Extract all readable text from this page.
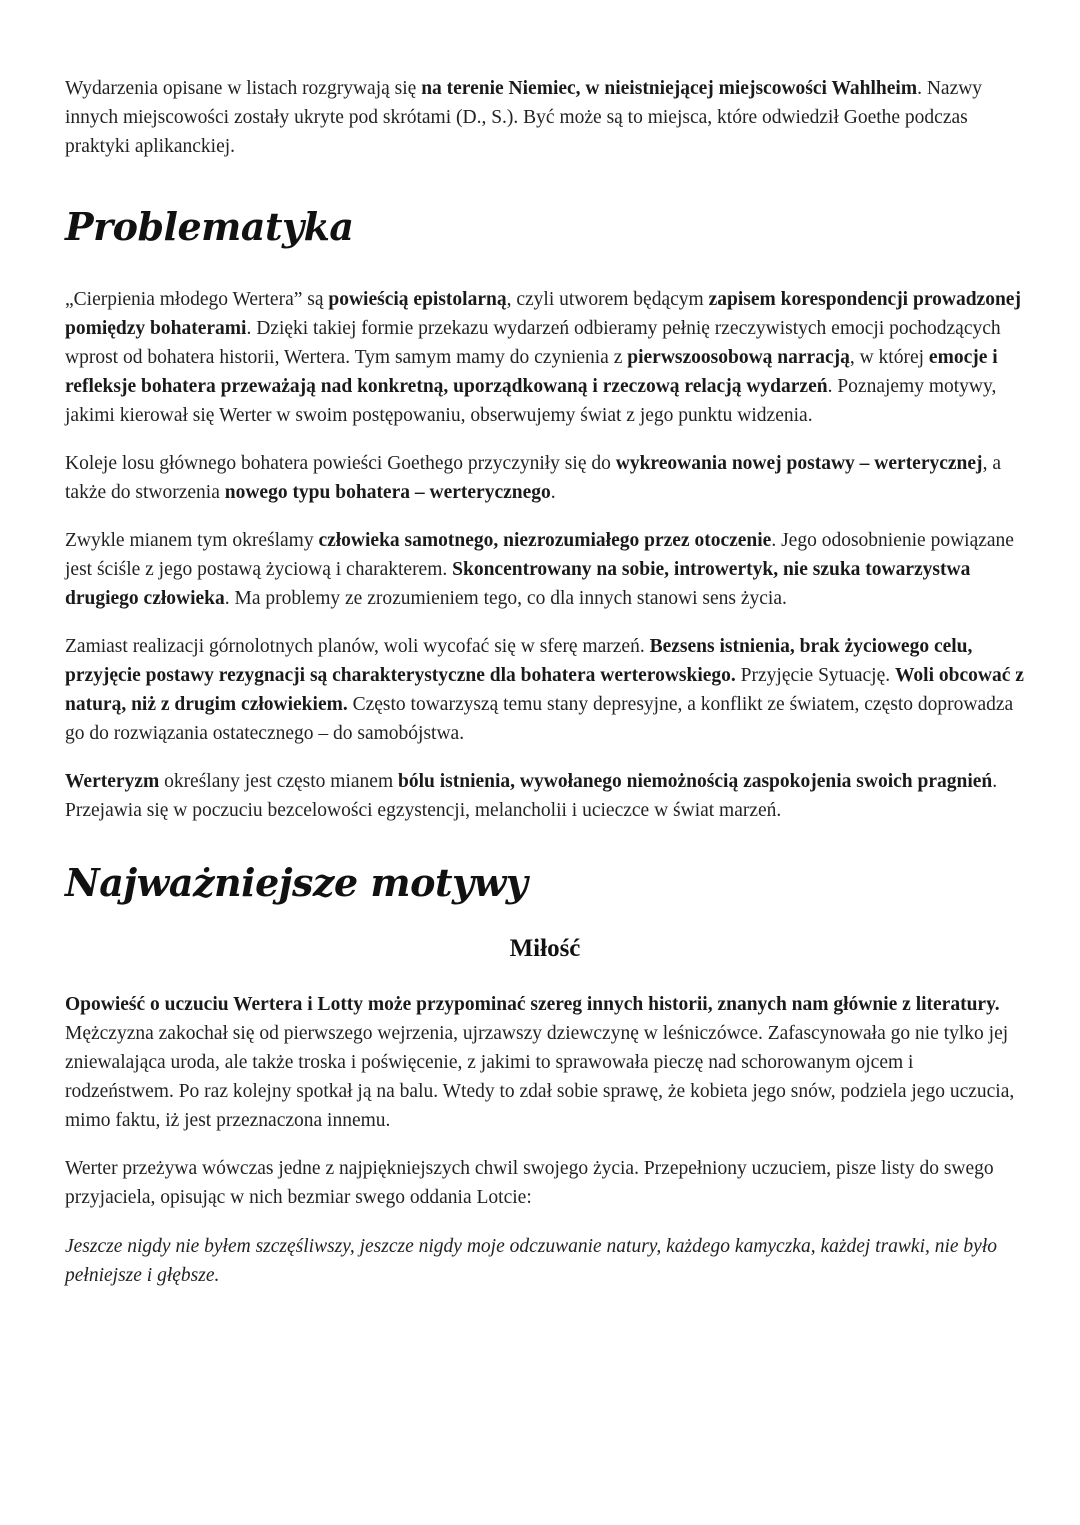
Wydarzenia opisane w listach rozgrywają się na terenie Niemiec, w nieistniejącej miejscowości Wahlheim. Nazwy innych miejscowości zostały ukryte pod skrótami (D., S.). Być może są to miejsca, które odwiedził Goethe podczas praktyki aplikanckiej.

Problematyka

„Cierpienia młodego Wertera” są powieścią epistolarną, czyli utworem będącym zapisem korespondencji prowadzonej pomiędzy bohaterami. Dzięki takiej formie przekazu wydarzeń odbieramy pełnię rzeczywistych emocji pochodzących wprost od bohatera historii, Wertera. Tym samym mamy do czynienia z pierwszoosobową narracją, w której emocje i refleksje bohatera przeważają nad konkretną, uporządkowaną i rzeczową relacją wydarzeń. Poznajemy motywy, jakimi kierował się Werter w swoim postępowaniu, obserwujemy świat z jego punktu widzenia.

Koleje losu głównego bohatera powieści Goethego przyczyniły się do wykreowania nowej postawy – werterycznej, a także do stworzenia nowego typu bohatera – werterycznego.

Zwykle mianem tym określamy człowieka samotnego, niezrozumiałego przez otoczenie. Jego odosobnienie powiązane jest ściśle z jego postawą życiową i charakterem. Skoncentrowany na sobie, introwertyk, nie szuka towarzystwa drugiego człowieka. Ma problemy ze zrozumieniem tego, co dla innych stanowi sens życia.

Zamiast realizacji górnolotnych planów, woli wycofać się w sferę marzeń. Bezsens istnienia, brak życiowego celu, przyjęcie postawy rezygnacji są charakterystyczne dla bohatera werterowskiego. Przyjęcie Sytuację. Woli obcować z naturą, niż z drugim człowiekiem. Często towarzyszą temu stany depresyjne, a konflikt ze światem, często doprowadza go do rozwiązania ostatecznego – do samobójstwa.

Werteryzm określany jest często mianem bólu istnienia, wywołanego niemożnością zaspokojenia swoich pragnień. Przejawia się w poczuciu bezcelowości egzystencji, melancholii i ucieczce w świat marzeń.

Najważniejsze motywy
Miłość

Opowieść o uczuciu Wertera i Lotty może przypominać szereg innych historii, znanych nam głównie z literatury. Mężczyzna zakochał się od pierwszego wejrzenia, ujrzawszy dziewczynę w leśniczówce. Zafascynowała go nie tylko jej zniewalająca uroda, ale także troska i poświęcenie, z jakimi to sprawowała pieczę nad schorowanym ojcem i rodzeństwem. Po raz kolejny spotkał ją na balu. Wtedy to zdał sobie sprawę, że kobieta jego snów, podziela jego uczucia, mimo faktu, iż jest przeznaczona innemu.

Werter przeżywa wówczas jedne z najpiękniejszych chwil swojego życia. Przepełniony uczuciem, pisze listy do swego przyjaciela, opisując w nich bezmiar swego oddania Lotcie:

Jeszcze nigdy nie byłem szczęśliwszy, jeszcze nigdy moje odczuwanie natury, każdego kamyczka, każdej trawki, nie było pełniejsze i głębsze.
